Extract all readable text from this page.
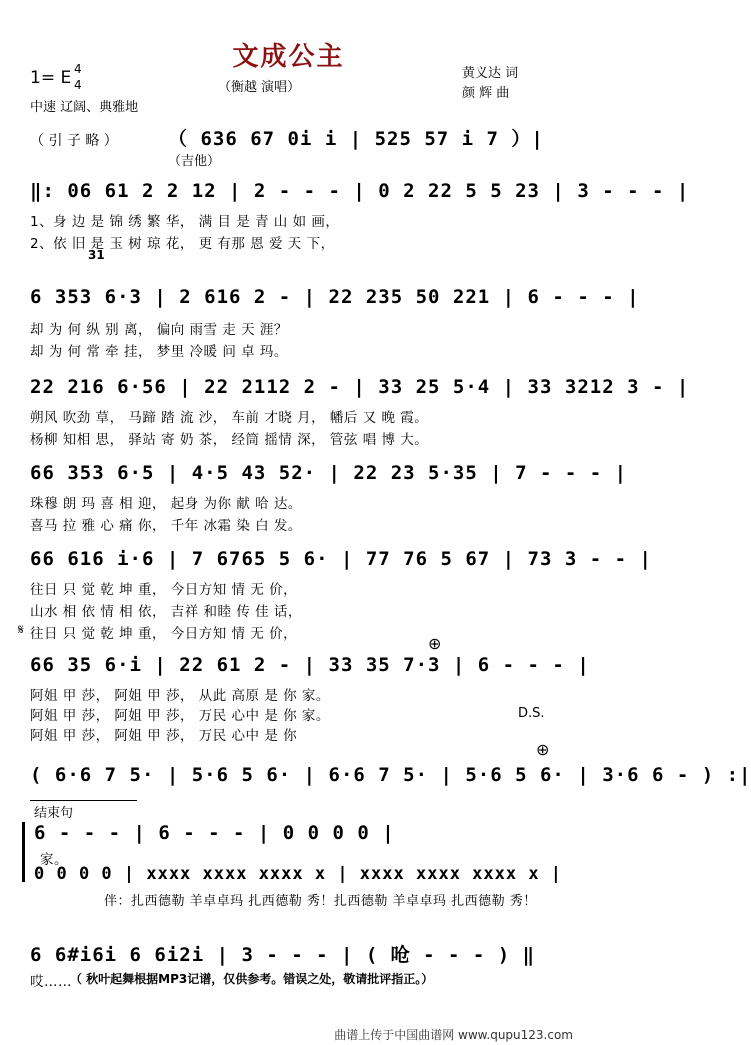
文成公主
1= E 4
4	（衡越 演唱）
黄义达 词
颜 辉 曲
中速 辽阔、典雅地
（ 引 子 略 ）	（ 636 67 0i i | 525 57 i 7 ）|
（吉他）
‖: 06 61 2 2 12 | 2 - - - | 0 2 22 5 5 23 | 3 - - - |
1、身 边 是 锦 绣 繁 华， 满 目 是 青 山 如 画，
2、依 旧 是 玉 树 琼 花， 更 有那 恩 爱 天 下，
31
6 353 6·3 | 2 616 2 - | 22 235 50 221 | 6 - - - |
却 为 何 纵 别 离， 偏向 雨雪 走 天 涯？
却 为 何 常 牵 挂， 梦里 冷暖 问 卓 玛。
22 216 6·56 | 22 2112 2 - | 33 25 5·4 | 33 3212 3 - |
朔风 吹劲 草， 马蹄 踏 流 沙， 车前 才晓 月， 幡后 又 晚 霞。
杨柳 知相 思， 驿站 寄 奶 茶， 经筒 摇情 深， 管弦 唱 博 大。
66 353 6·5 | 4·5 43 52· | 22 23 5·35 | 7 - - - |
珠穆 朗 玛 喜 相 迎， 起身 为你 献 哈 达。
喜马 拉 雅 心 痛 你， 千年 冰霜 染 白 发。
66 616 i·6 | 7 6765 5 6· | 77 76 5 67 | 73 3 - - |
往日 只 觉 乾 坤 重， 今日方知 情 无 价，
山水 相 依 情 相 依， 吉祥 和睦 传 佳 话，
𝄋 往日 只 觉 乾 坤 重， 今日方知 情 无 价，	⊕
66 35 6·i | 22 61 2 - | 33 35 7·3 | 6 - - - |
阿姐 甲 莎， 阿姐 甲 莎， 从此 高原 是 你 家。
阿姐 甲 莎， 阿姐 甲 莎， 万民 心中 是 你 家。
阿姐 甲 莎， 阿姐 甲 莎， 万民 心中 是 你
D.S.
⊕
( 6·6 7 5· | 5·6 5 6· | 6·6 7 5· | 5·6 5 6· | 3·6 6 - ) :|
结束句
6 - - - | 6 - - - | 0 0 0 0 |
家。
0 0 0 0 | xxxx xxxx xxxx x | xxxx xxxx xxxx x |
伴：扎西德勒 羊卓卓玛 扎西德勒 秀！扎西德勒 羊卓卓玛 扎西德勒 秀！
6 6#i6i 6 6i2i | 3 - - - | ( 呛 - - - ) ‖
哎……
（ 秋叶起舞根据MP3记谱，仅供参考。错误之处，敬请批评指正。）
曲谱上传于中国曲谱网 www.qupu123.com
